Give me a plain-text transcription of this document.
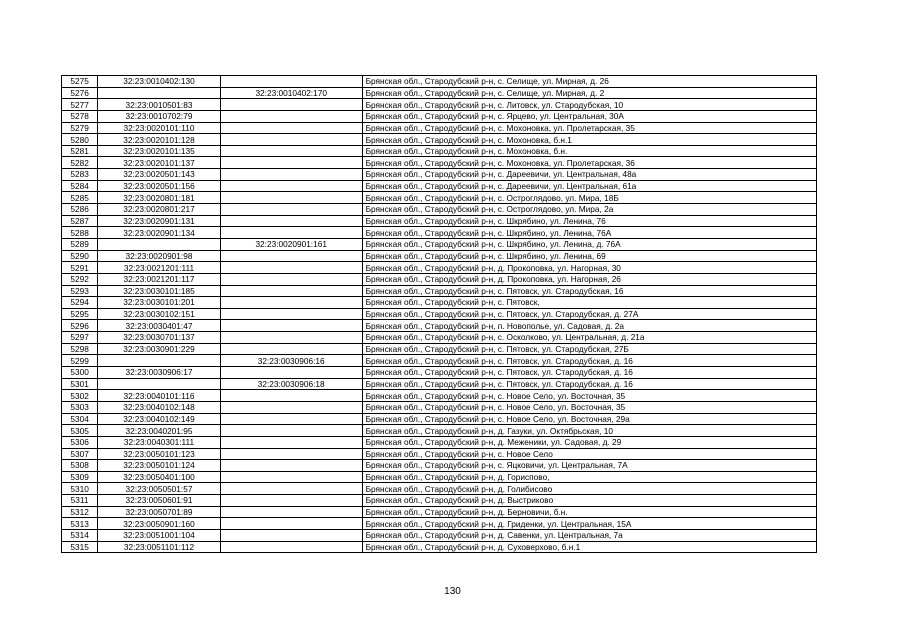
5275	32:23:0010402:130		Брянская обл., Стародубский р-н, с. Селище, ул. Мирная, д. 26
5276		32:23:0010402:170	Брянская обл., Стародубский р-н, с. Селище, ул. Мирная, д. 2
5277	32:23:0010501:83		Брянская обл., Стародубский р-н, с. Литовск, ул. Стародубская, 10
5278	32:23:0010702:79		Брянская обл., Стародубский р-н, с. Ярцево, ул. Центральная, 30А
5279	32:23:0020101:110		Брянская обл., Стародубский р-н, с. Мохоновка, ул. Пролетарская, 35
5280	32:23:0020101:128		Брянская обл., Стародубский р-н, с. Мохоновка, б.н.1
5281	32:23:0020101:135		Брянская обл., Стародубский р-н, с. Мохоновка, б.н.
5282	32:23:0020101:137		Брянская обл., Стародубский р-н, с. Мохоновка, ул. Пролетарская, 36
5283	32:23:0020501:143		Брянская обл., Стародубский р-н, с. Дареевичи, ул. Центральная, 48а
5284	32:23:0020501:156		Брянская обл., Стародубский р-н, с. Дареевичи, ул. Центральная, 61а
5285	32:23:0020801:181		Брянская обл., Стародубский р-н, с. Остроглядово, ул. Мира, 18Б
5286	32:23:0020801:217		Брянская обл., Стародубский р-н, с. Остроглядово, ул. Мира, 2а
5287	32:23:0020901:131		Брянская обл., Стародубский р-н, с. Шкрябино, ул. Ленина, 76
5288	32:23:0020901:134		Брянская обл., Стародубский р-н, с. Шкрябино, ул. Ленина, 76А
5289		32:23:0020901:161	Брянская обл., Стародубский р-н, с. Шкрябино, ул. Ленина, д. 76А
5290	32:23:0020901:98		Брянская обл., Стародубский р-н, с. Шкрябино, ул. Ленина, 69
5291	32:23:0021201:111		Брянская обл., Стародубский р-н, д. Прокоповка, ул. Нагорная, 30
5292	32:23:0021201:117		Брянская обл., Стародубский р-н, д. Прокоповка, ул. Нагорная, 26
5293	32:23:0030101:185		Брянская обл., Стародубский р-н, с. Пятовск, ул. Стародубская, 16
5294	32:23:0030101:201		Брянская обл., Стародубский р-н, с. Пятовск,
5295	32:23:0030102:151		Брянская обл., Стародубский р-н, с. Пятовск, ул. Стародубская, д. 27А
5296	32:23:0030401:47		Брянская обл., Стародубский р-н, п. Новополье, ул. Садовая, д. 2а
5297	32:23:0030701:137		Брянская обл., Стародубский р-н, с. Осколково, ул. Центральная, д. 21а
5298	32:23:0030901:229		Брянская обл., Стародубский р-н, с. Пятовск, ул. Стародубская, 27Б
5299		32:23:0030906:16	Брянская обл., Стародубский р-н, с. Пятовск, ул. Стародубская, д. 16
5300	32:23:0030906:17		Брянская обл., Стародубский р-н, с. Пятовск, ул. Стародубская, д. 16
5301		32:23:0030906:18	Брянская обл., Стародубский р-н, с. Пятовск, ул. Стародубская, д. 16
5302	32:23:0040101:116		Брянская обл., Стародубский р-н, с. Новое Село, ул. Восточная, 35
5303	32:23:0040102:148		Брянская обл., Стародубский р-н, с. Новое Село, ул. Восточная, 35
5304	32:23:0040102:149		Брянская обл., Стародубский р-н, с. Новое Село, ул. Восточная, 29а
5305	32:23:0040201:95		Брянская обл., Стародубский р-н, д. Газуки, ул. Октябрьская, 10
5306	32:23:0040301:111		Брянская обл., Стародубский р-н, д. Меженики, ул. Садовая, д. 29
5307	32:23:0050101:123		Брянская обл., Стародубский р-н, с. Новое Село
5308	32:23:0050101:124		Брянская обл., Стародубский р-н, с. Яцковичи, ул. Центральная, 7А
5309	32:23:0050401:100		Брянская обл., Стародубский р-н, д. Гориспово,
5310	32:23:0050501:57		Брянская обл., Стародубский р-н, д. Голибисово
5311	32:23:0050601:91		Брянская обл., Стародубский р-н, д. Выстриково
5312	32:23:0050701:89		Брянская обл., Стародубский р-н, д. Берновичи, б.н.
5313	32:23:0050901:160		Брянская обл., Стародубский р-н, д. Гриденки, ул. Центральная, 15А
5314	32:23:0051001:104		Брянская обл., Стародубский р-н, д. Савенки, ул. Центральная, 7а
5315	32:23:0051101:112		Брянская обл., Стародубский р-н, д. Суховерхово, б.н.1
130
